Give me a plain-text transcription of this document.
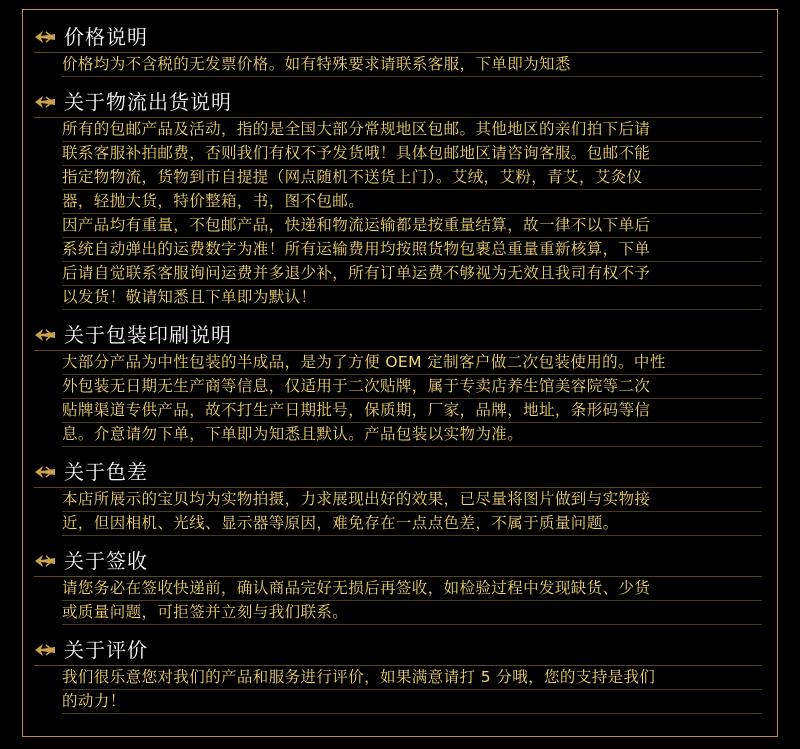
价格说明
价格均为不含税的无发票价格。如有特殊要求请联系客服，下单即为知悉
关于物流出货说明
所有的包邮产品及活动，指的是全国大部分常规地区包邮。其他地区的亲们拍下后请
联系客服补拍邮费，否则我们有权不予发货哦！具体包邮地区请咨询客服。包邮不能
指定物物流，货物到市自提提（网点随机不送货上门）。艾绒，艾粉，青艾，艾灸仪
器，轻抛大货，特价整箱，书，图不包邮。
因产品均有重量，不包邮产品，快递和物流运输都是按重量结算，故一律不以下单后
系统自动弹出的运费数字为准！所有运输费用均按照货物包裹总重量重新核算，下单
后请自觉联系客服询问运费并多退少补，所有订单运费不够视为无效且我司有权不予
以发货！敬请知悉且下单即为默认！
关于包装印刷说明
大部分产品为中性包装的半成品，是为了方便 OEM 定制客户做二次包装使用的。中性
外包装无日期无生产商等信息，仅适用于二次贴牌，属于专卖店养生馆美容院等二次
贴牌渠道专供产品，故不打生产日期批号，保质期，厂家，品牌，地址，条形码等信
息。介意请勿下单，下单即为知悉且默认。产品包装以实物为准。
关于色差
本店所展示的宝贝均为实物拍摄，力求展现出好的效果，已尽量将图片做到与实物接
近，但因相机、光线、显示器等原因，难免存在一点点色差，不属于质量问题。
关于签收
请您务必在签收快递前，确认商品完好无损后再签收，如检验过程中发现缺货、少货
或质量问题，可拒签并立刻与我们联系。
关于评价
我们很乐意您对我们的产品和服务进行评价，如果满意请打 5 分哦，您的支持是我们
的动力！
